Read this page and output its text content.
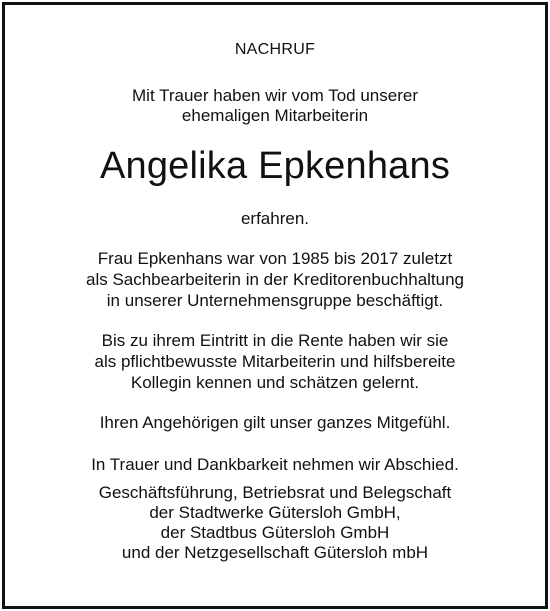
NACHRUF
Mit Trauer haben wir vom Tod unserer
ehemaligen Mitarbeiterin
Angelika Epkenhans
erfahren.
Frau Epkenhans war von 1985 bis 2017 zuletzt
als Sachbearbeiterin in der Kreditorenbuchhaltung
in unserer Unternehmensgruppe beschäftigt.
Bis zu ihrem Eintritt in die Rente haben wir sie
als pflichtbewusste Mitarbeiterin und hilfsbereite
Kollegin kennen und schätzen gelernt.
Ihren Angehörigen gilt unser ganzes Mitgefühl.
In Trauer und Dankbarkeit nehmen wir Abschied.
Geschäftsführung, Betriebsrat und Belegschaft
der Stadtwerke Gütersloh GmbH,
der Stadtbus Gütersloh GmbH
und der Netzgesellschaft Gütersloh mbH
